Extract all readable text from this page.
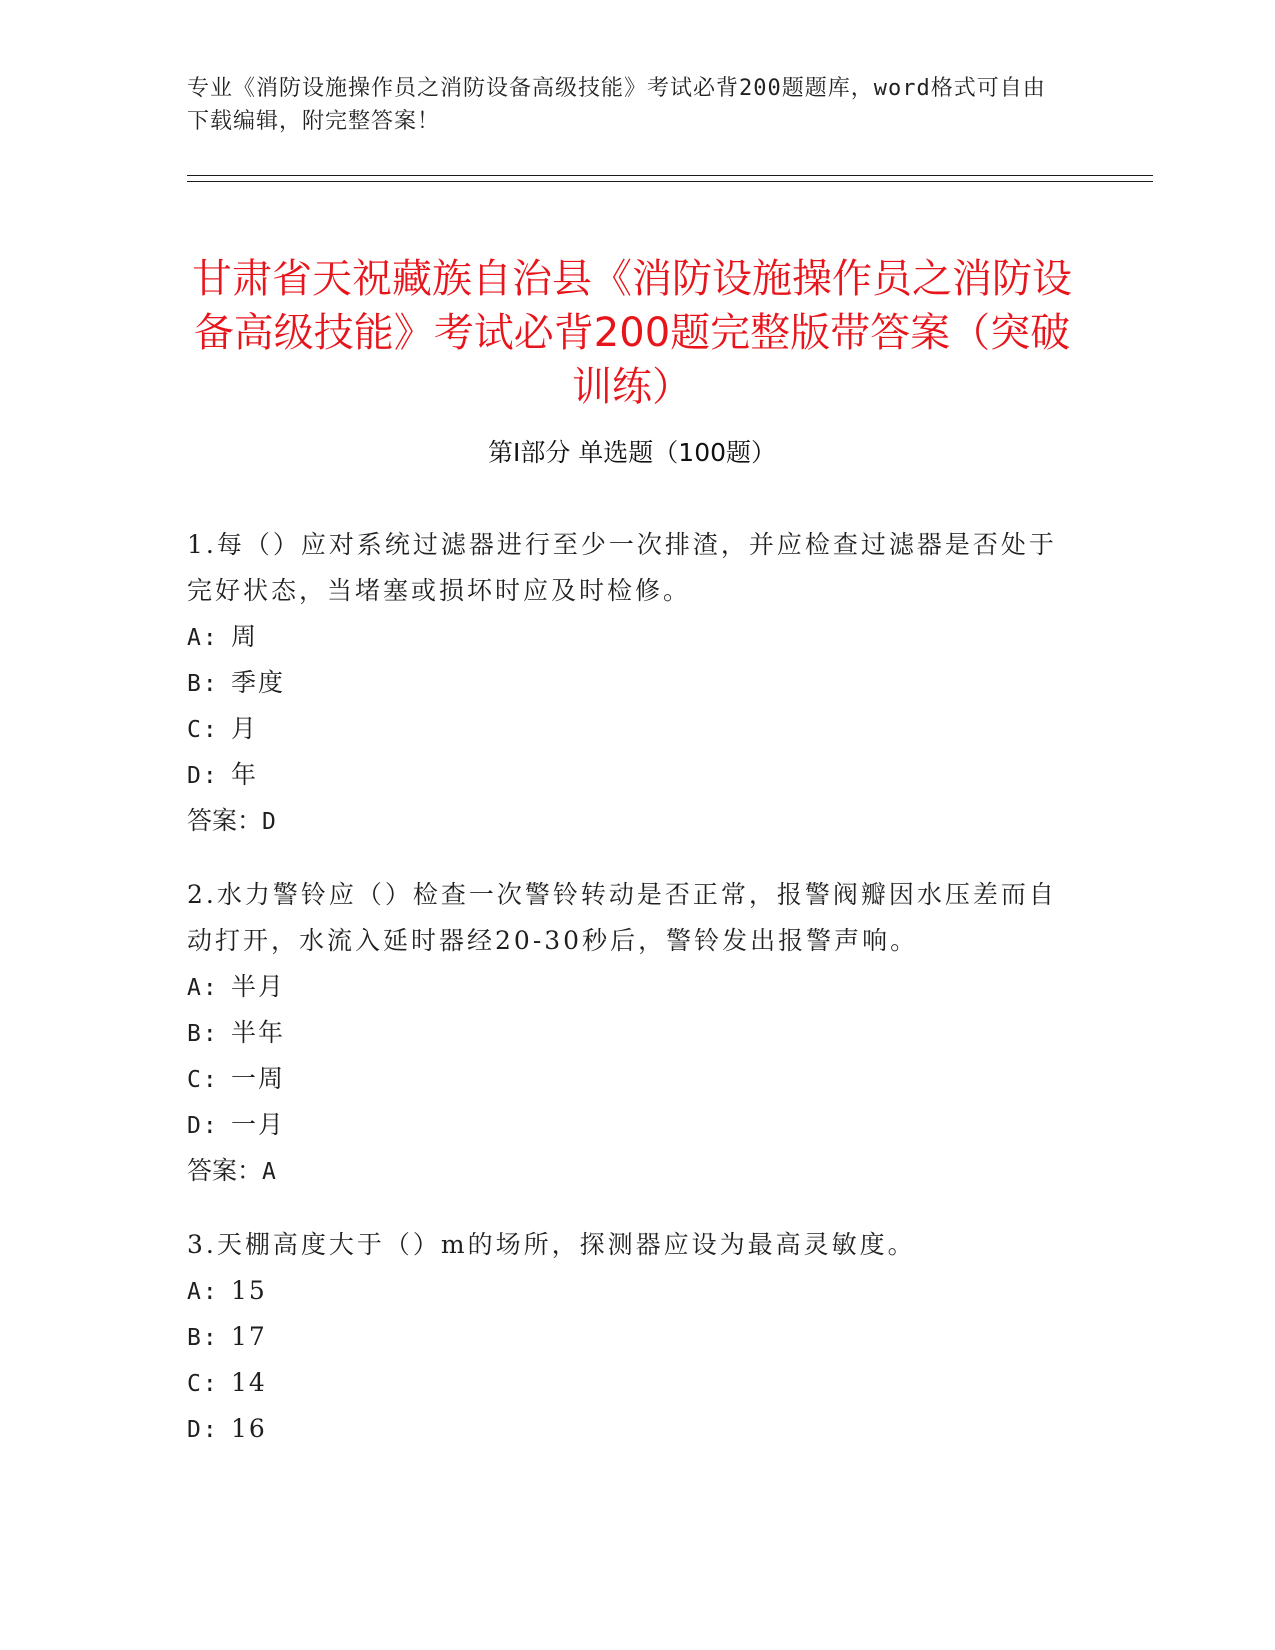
专业《消防设施操作员之消防设备高级技能》考试必背200题题库，word格式可自由下载编辑，附完整答案！
甘肃省天祝藏族自治县《消防设施操作员之消防设备高级技能》考试必背200题完整版带答案（突破训练）
第I部分 单选题（100题）
1.每（）应对系统过滤器进行至少一次排渣，并应检查过滤器是否处于完好状态，当堵塞或损坏时应及时检修。
A: 周
B: 季度
C: 月
D: 年
答案：D
2.水力警铃应（）检查一次警铃转动是否正常，报警阀瓣因水压差而自动打开，水流入延时器经20-30秒后，警铃发出报警声响。
A: 半月
B: 半年
C: 一周
D: 一月
答案：A
3.天棚高度大于（）m的场所，探测器应设为最高灵敏度。
A: 15
B: 17
C: 14
D: 16
